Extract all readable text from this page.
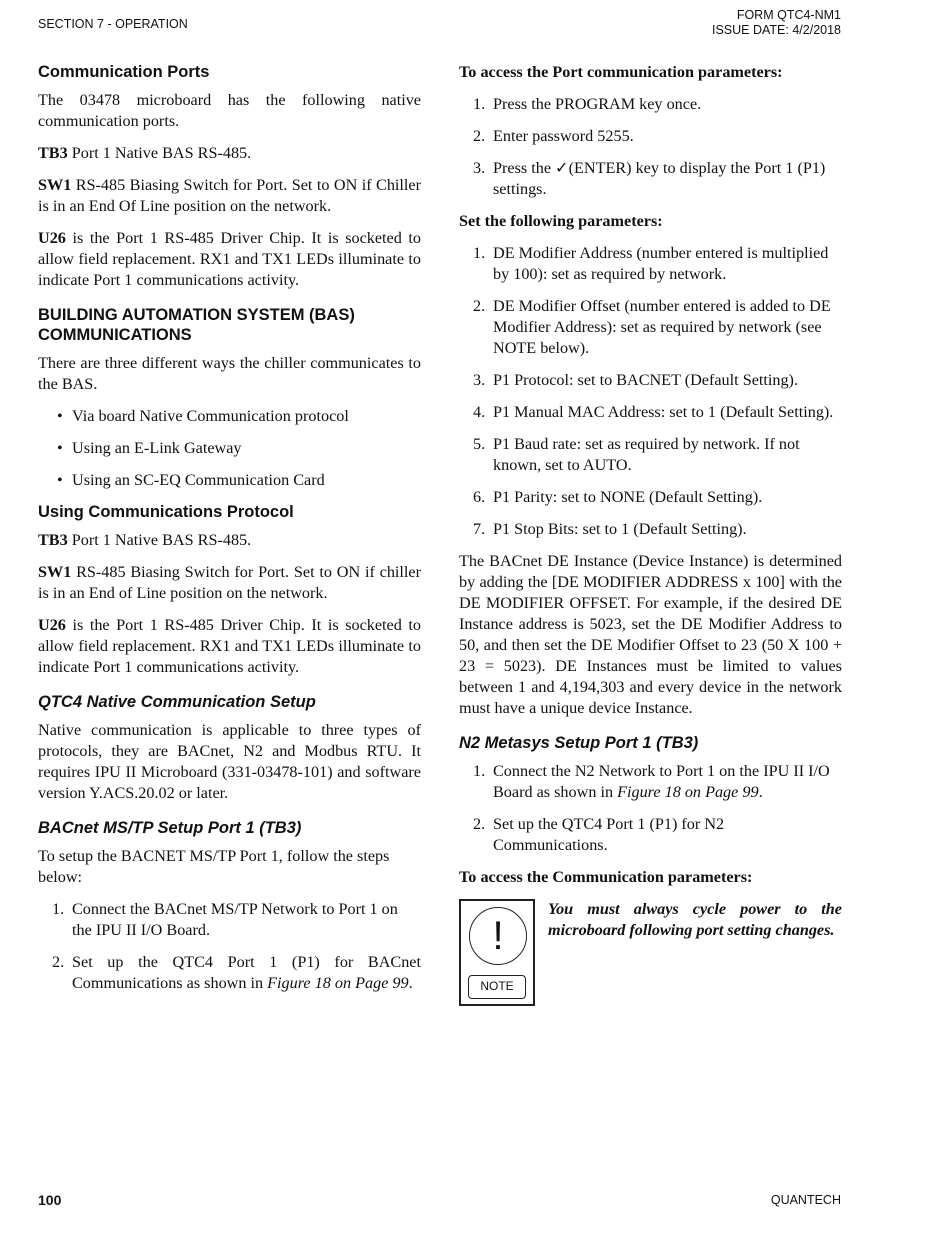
SECTION 7 - OPERATION
FORM QTC4-NM1
ISSUE DATE: 4/2/2018
Communication Ports

The 03478 microboard has the following native communication ports.

TB3 Port 1 Native BAS RS-485.

SW1 RS-485 Biasing Switch for Port. Set to ON if Chiller is in an End Of Line position on the network.

U26 is the Port 1 RS-485 Driver Chip. It is socketed to allow field replacement. RX1 and TX1 LEDs illuminate to indicate Port 1 communications activity.

BUILDING AUTOMATION SYSTEM (BAS) COMMUNICATIONS

There are three different ways the chiller communicates to the BAS.

• Via board Native Communication protocol
• Using an E-Link Gateway
• Using an SC-EQ Communication Card
Using Communications Protocol

TB3 Port 1 Native BAS RS-485.

SW1 RS-485 Biasing Switch for Port. Set to ON if chiller is in an End of Line position on the network.

U26 is the Port 1 RS-485 Driver Chip. It is socketed to allow field replacement. RX1 and TX1 LEDs illuminate to indicate Port 1 communications activity.

QTC4 Native Communication Setup

Native communication is applicable to three types of protocols, they are BACnet, N2 and Modbus RTU. It requires IPU II Microboard (331-03478-101) and software version Y.ACS.20.02 or later.

BACnet MS/TP Setup Port 1 (TB3)

To setup the BACNET MS/TP Port 1, follow the steps below:

1. Connect the BACnet MS/TP Network to Port 1 on the IPU II I/O Board.
2. Set up the QTC4 Port 1 (P1) for BACnet Communications as shown in Figure 18 on Page 99.
To access the Port communication parameters:
1. Press the PROGRAM key once.
2. Enter password 5255.
3. Press the ✓(ENTER) key to display the Port 1 (P1) settings.
Set the following parameters:
1. DE Modifier Address (number entered is multiplied by 100): set as required by network.
2. DE Modifier Offset (number entered is added to DE Modifier Address): set as required by network (see NOTE below).
3. P1 Protocol: set to BACNET (Default Setting).
4. P1 Manual MAC Address: set to 1 (Default Setting).
5. P1 Baud rate: set as required by network. If not known, set to AUTO.
6. P1 Parity: set to NONE (Default Setting).
7. P1 Stop Bits: set to 1 (Default Setting).

The BACnet DE Instance (Device Instance) is determined by adding the [DE MODIFIER ADDRESS x 100] with the DE MODIFIER OFFSET. For example, if the desired DE Instance address is 5023, set the DE Modifier Address to 50, and then set the DE Modifier Offset to 23 (50 X 100 + 23 = 5023). DE Instances must be limited to values between 1 and 4,194,303 and every device in the network must have a unique device Instance.

N2 Metasys Setup Port 1 (TB3)
1. Connect the N2 Network to Port 1 on the IPU II I/O Board as shown in Figure 18 on Page 99.
2. Set up the QTC4 Port 1 (P1) for N2 Communications.
To access the Communication parameters:
!
NOTE
You must always cycle power to the microboard following port setting changes.
100	QUANTECH
